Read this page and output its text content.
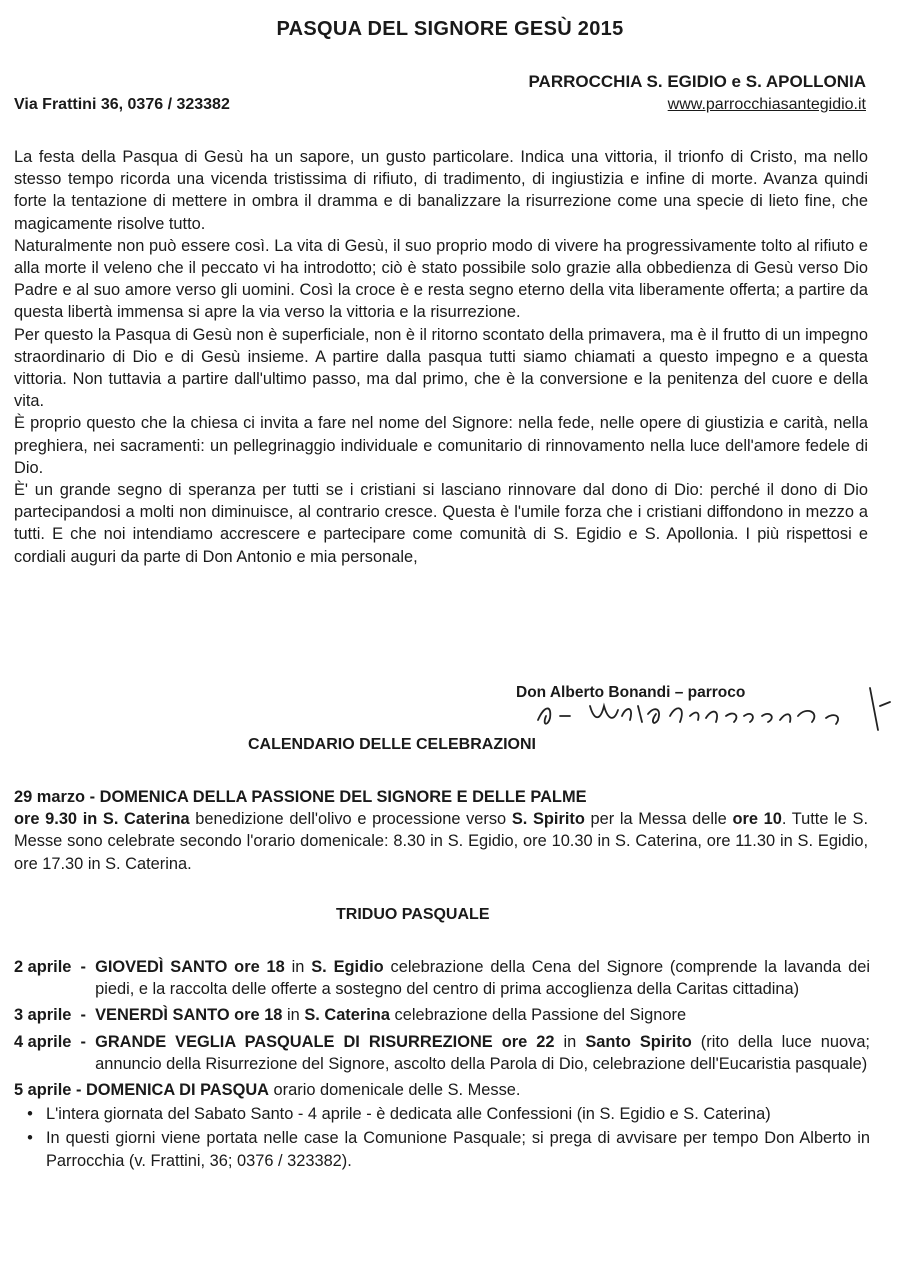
PASQUA DEL SIGNORE GESÙ 2015
PARROCCHIA S. EGIDIO e S. APOLLONIA
Via Frattini 36, 0376 / 323382	www.parrocchiasantegidio.it

La festa della Pasqua di Gesù ha un sapore, un gusto particolare. Indica una vittoria, il trionfo di Cristo, ma nello stesso tempo ricorda una vicenda tristissima di rifiuto, di tradimento, di ingiustizia e infine di morte. Avanza quindi forte la tentazione di mettere in ombra il dramma e di banalizzare la risurrezione come una specie di lieto fine, che magicamente risolve tutto.

Naturalmente non può essere così. La vita di Gesù, il suo proprio modo di vivere ha progressivamente tolto al rifiuto e alla morte il veleno che il peccato vi ha introdotto; ciò è stato possibile solo grazie alla obbedienza di Gesù verso Dio Padre e al suo amore verso gli uomini. Così la croce è e resta segno eterno della vita liberamente offerta; a partire da questa libertà immensa si apre la via verso la vittoria e la risurrezione.

Per questo la Pasqua di Gesù non è superficiale, non è il ritorno scontato della primavera, ma è il frutto di un impegno straordinario di Dio e di Gesù insieme. A partire dalla pasqua tutti siamo chiamati a questo impegno e a questa vittoria. Non tuttavia a partire dall'ultimo passo, ma dal primo, che è la conversione e la penitenza del cuore e della vita.

È proprio questo che la chiesa ci invita a fare nel nome del Signore: nella fede, nelle opere di giustizia e carità, nella preghiera, nei sacramenti: un pellegrinaggio individuale e comunitario di rinnovamento nella luce dell'amore fedele di Dio.

È' un grande segno di speranza per tutti se i cristiani si lasciano rinnovare dal dono di Dio: perché il dono di Dio partecipandosi a molti non diminuisce, al contrario cresce. Questa è l'umile forza che i cristiani diffondono in mezzo a tutti. E che noi intendiamo accrescere e partecipare come comunità di S. Egidio e S. Apollonia. I più rispettosi e cordiali auguri da parte di Don Antonio e mia personale,

Don Alberto Bonandi – parroco
CALENDARIO DELLE CELEBRAZIONI
29 marzo - DOMENICA DELLA PASSIONE DEL SIGNORE E DELLE PALME
ore 9.30 in S. Caterina benedizione dell'olivo e processione verso S. Spirito per la Messa delle ore 10. Tutte le S. Messe sono celebrate secondo l'orario domenicale: 8.30 in S. Egidio, ore 10.30 in S. Caterina, ore 11.30 in S. Egidio, ore 17.30 in S. Caterina.
TRIDUO PASQUALE
2 aprile - GIOVEDÌ SANTO ore 18 in S. Egidio celebrazione della Cena del Signore (comprende la lavanda dei piedi, e la raccolta delle offerte a sostegno del centro di prima accoglienza della Caritas cittadina)
3 aprile - VENERDÌ SANTO ore 18 in S. Caterina celebrazione della Passione del Signore
4 aprile - GRANDE VEGLIA PASQUALE DI RISURREZIONE ore 22 in Santo Spirito (rito della luce nuova; annuncio della Risurrezione del Signore, ascolto della Parola di Dio, celebrazione dell'Eucaristia pasquale)
5 aprile - DOMENICA DI PASQUA orario domenicale delle S. Messe.
• L'intera giornata del Sabato Santo - 4 aprile - è dedicata alle Confessioni (in S. Egidio e S. Caterina)
• In questi giorni viene portata nelle case la Comunione Pasquale; si prega di avvisare per tempo Don Alberto in Parrocchia (v. Frattini, 36; 0376 / 323382).
